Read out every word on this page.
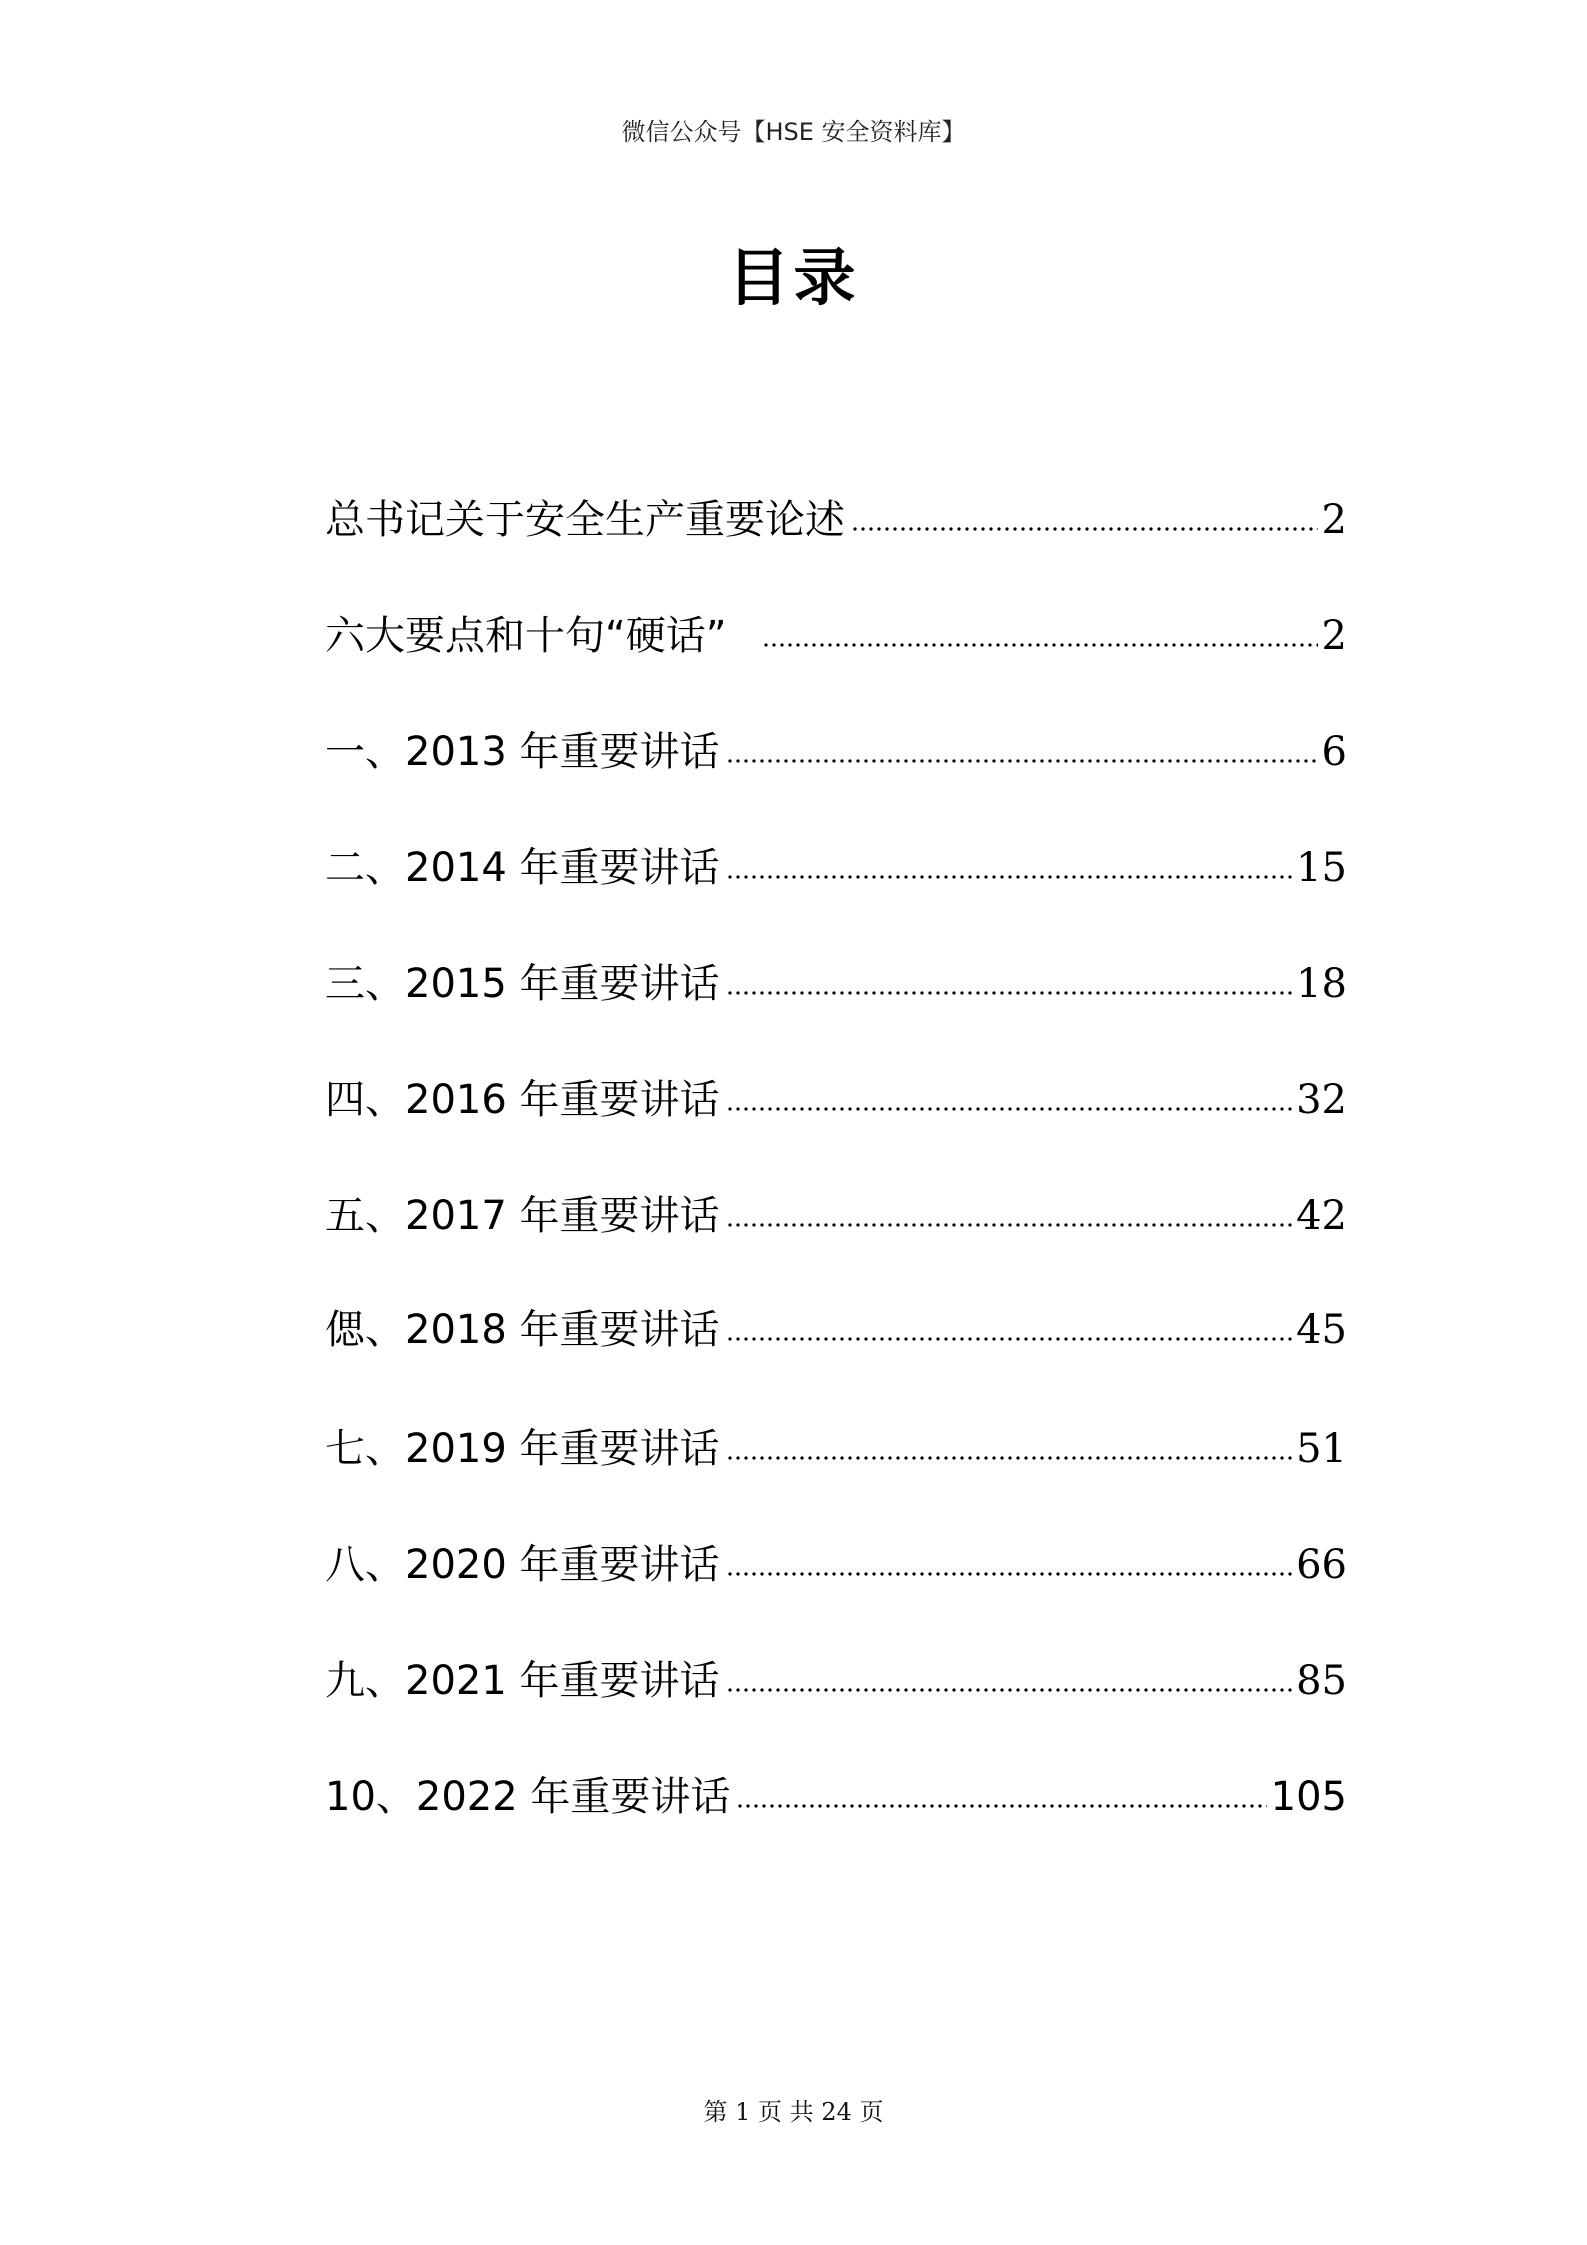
微信公众号【HSE 安全资料库】
目录
总书记关于安全生产重要论述	2
六大要点和十句“硬话”	2
一、2013 年重要讲话	6
二、2014 年重要讲话	15
三、2015 年重要讲话	18
四、2016 年重要讲话	32
五、2017 年重要讲话	42
偲、2018 年重要讲话	45
七、2019 年重要讲话	51
八、2020 年重要讲话	66
九、2021 年重要讲话	85
10、2022 年重要讲话	105
第 1 页 共 24 页
